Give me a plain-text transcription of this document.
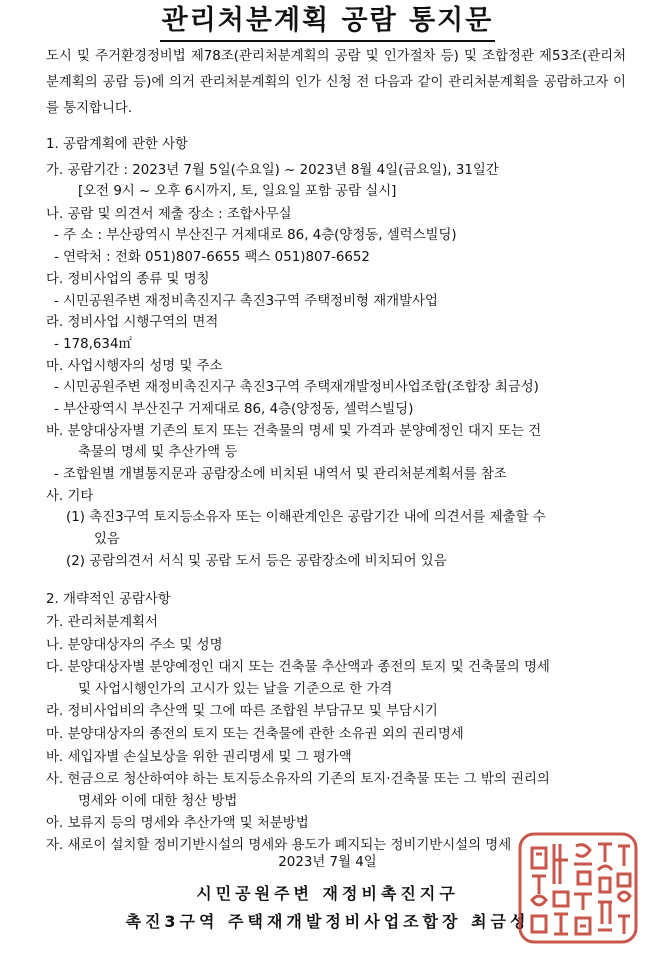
관리처분계획 공람 통지문
도시 및 주거환경정비법 제78조(관리처분계획의 공람 및 인가절차 등) 및 조합정관 제53조(관리처분계획의 공람 등)에 의거 관리처분계획의 인가 신청 전 다음과 같이 관리처분계획을 공람하고자 이를 통지합니다.
1. 공람계획에 관한 사항
가. 공람기간 : 2023년 7월 5일(수요일) ~ 2023년 8월 4일(금요일), 31일간
[오전 9시 ~ 오후 6시까지, 토, 일요일 포함 공람 실시]
나. 공람 및 의견서 제출 장소 : 조합사무실
- 주 소 : 부산광역시 부산진구 거제대로 86, 4층(양정동, 셀럭스빌딩)
- 연락처 : 전화 051)807-6655 팩스 051)807-6652
다. 정비사업의 종류 및 명칭
- 시민공원주변 재정비촉진지구 촉진3구역 주택정비형 재개발사업
라. 정비사업 시행구역의 면적
- 178,634㎡
마. 사업시행자의 성명 및 주소
- 시민공원주변 재정비촉진지구 촉진3구역 주택재개발정비사업조합(조합장 최금성)
- 부산광역시 부산진구 거제대로 86, 4층(양정동, 셀럭스빌딩)
바. 분양대상자별 기존의 토지 또는 건축물의 명세 및 가격과 분양예정인 대지 또는 건
축물의 명세 및 추산가액 등
- 조합원별 개별통지문과 공람장소에 비치된 내역서 및 관리처분계획서를 참조
사. 기타
(1) 촉진3구역 토지등소유자 또는 이해관계인은 공람기간 내에 의견서를 제출할 수
있음
(2) 공람의견서 서식 및 공람 도서 등은 공람장소에 비치되어 있음
2. 개략적인 공람사항
가. 관리처분계획서
나. 분양대상자의 주소 및 성명
다. 분양대상자별 분양예정인 대지 또는 건축물 추산액과 종전의 토지 및 건축물의 명세
및 사업시행인가의 고시가 있는 날을 기준으로 한 가격
라. 정비사업비의 추산액 및 그에 따른 조합원 부담규모 및 부담시기
마. 분양대상자의 종전의 토지 또는 건축물에 관한 소유권 외의 권리명세
바. 세입자별 손실보상을 위한 권리명세 및 그 평가액
사. 현금으로 청산하여야 하는 토지등소유자의 기존의 토지·건축물 또는 그 밖의 권리의
명세와 이에 대한 청산 방법
아. 보류지 등의 명세와 추산가액 및 처분방법
자. 새로이 설치할 정비기반시설의 명세와 용도가 폐지되는 정비기반시설의 명세
2023년 7월 4일
시민공원주변 재정비촉진지구
촉진3구역 주택재개발정비사업조합장 최금성
